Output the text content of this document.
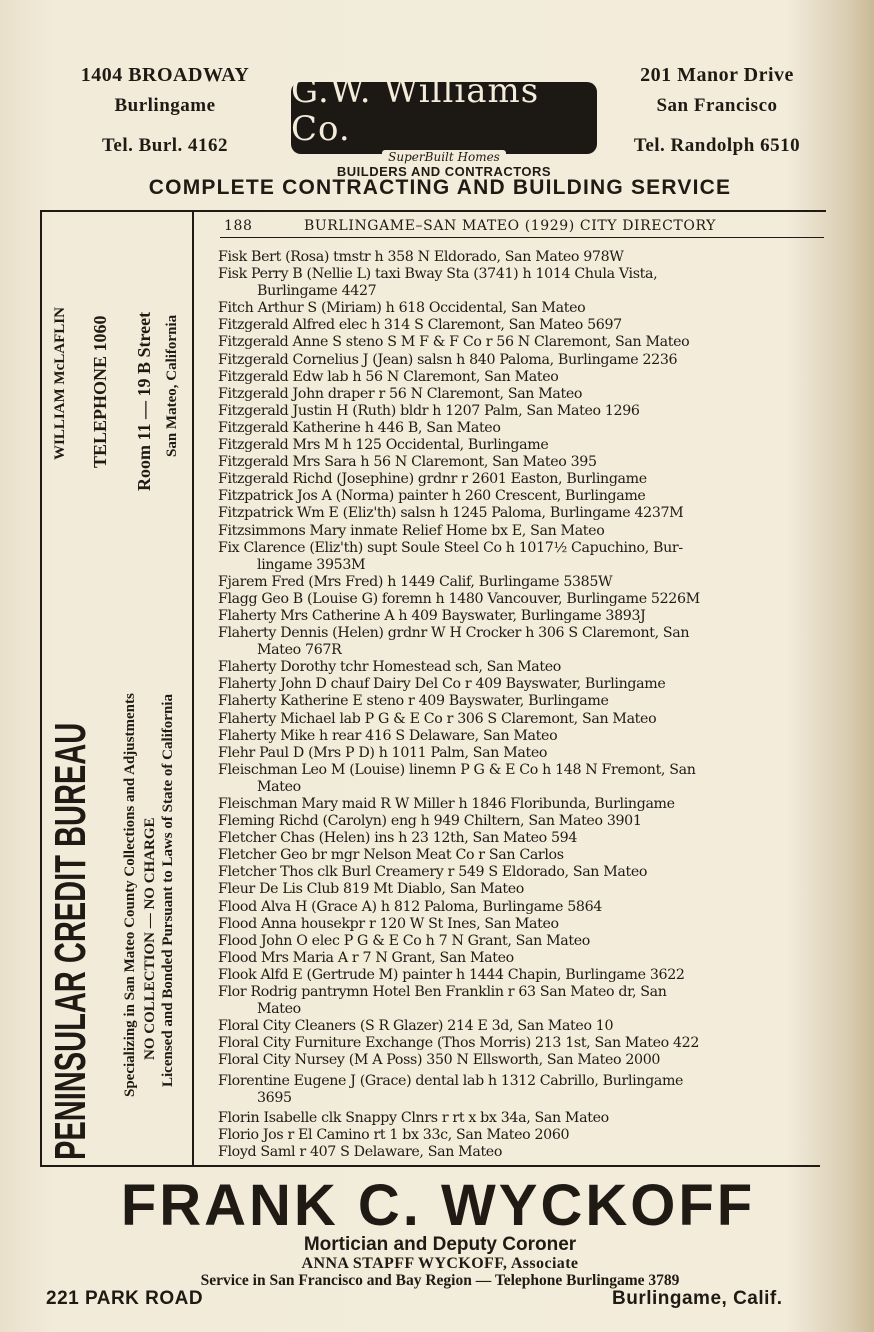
1404 BROADWAY
Burlingame
Tel. Burl. 4162
G.W. Williams Co.
SuperBuilt Homes
201 Manor Drive
San Francisco
Tel. Randolph 6510
BUILDERS AND CONTRACTORS
COMPLETE CONTRACTING AND BUILDING SERVICE
PENINSULAR CREDIT BUREAU Specializing in San Mateo County Collections and Adjustments NO COLLECTION — NO CHARGE Licensed and Bonded Pursuant to Laws of State of California
WILLIAM McLAFLIN TELEPHONE 1060 Room 11 — 19 B Street San Mateo, California
188	BURLINGAME–SAN MATEO (1929) CITY DIRECTORY
Fisk Bert (Rosa) tmstr h 358 N Eldorado, San Mateo 978W
Fisk Perry B (Nellie L) taxi Bway Sta (3741) h 1014 Chula Vista,
Burlingame 4427
Fitch Arthur S (Miriam) h 618 Occidental, San Mateo
Fitzgerald Alfred elec h 314 S Claremont, San Mateo 5697
Fitzgerald Anne S steno S M F & F Co r 56 N Claremont, San Mateo
Fitzgerald Cornelius J (Jean) salsn h 840 Paloma, Burlingame 2236
Fitzgerald Edw lab h 56 N Claremont, San Mateo
Fitzgerald John draper r 56 N Claremont, San Mateo
Fitzgerald Justin H (Ruth) bldr h 1207 Palm, San Mateo 1296
Fitzgerald Katherine h 446 B, San Mateo
Fitzgerald Mrs M h 125 Occidental, Burlingame
Fitzgerald Mrs Sara h 56 N Claremont, San Mateo 395
Fitzgerald Richd (Josephine) grdnr r 2601 Easton, Burlingame
Fitzpatrick Jos A (Norma) painter h 260 Crescent, Burlingame
Fitzpatrick Wm E (Eliz'th) salsn h 1245 Paloma, Burlingame 4237M
Fitzsimmons Mary inmate Relief Home bx E, San Mateo
Fix Clarence (Eliz'th) supt Soule Steel Co h 1017½ Capuchino, Bur-
lingame 3953M
Fjarem Fred (Mrs Fred) h 1449 Calif, Burlingame 5385W
Flagg Geo B (Louise G) foremn h 1480 Vancouver, Burlingame 5226M
Flaherty Mrs Catherine A h 409 Bayswater, Burlingame 3893J
Flaherty Dennis (Helen) grdnr W H Crocker h 306 S Claremont, San
Mateo 767R
Flaherty Dorothy tchr Homestead sch, San Mateo
Flaherty John D chauf Dairy Del Co r 409 Bayswater, Burlingame
Flaherty Katherine E steno r 409 Bayswater, Burlingame
Flaherty Michael lab P G & E Co r 306 S Claremont, San Mateo
Flaherty Mike h rear 416 S Delaware, San Mateo
Flehr Paul D (Mrs P D) h 1011 Palm, San Mateo
Fleischman Leo M (Louise) linemn P G & E Co h 148 N Fremont, San
Mateo
Fleischman Mary maid R W Miller h 1846 Floribunda, Burlingame
Fleming Richd (Carolyn) eng h 949 Chiltern, San Mateo 3901
Fletcher Chas (Helen) ins h 23 12th, San Mateo 594
Fletcher Geo br mgr Nelson Meat Co r San Carlos
Fletcher Thos clk Burl Creamery r 549 S Eldorado, San Mateo
Fleur De Lis Club 819 Mt Diablo, San Mateo
Flood Alva H (Grace A) h 812 Paloma, Burlingame 5864
Flood Anna housekpr r 120 W St Ines, San Mateo
Flood John O elec P G & E Co h 7 N Grant, San Mateo
Flood Mrs Maria A r 7 N Grant, San Mateo
Flook Alfd E (Gertrude M) painter h 1444 Chapin, Burlingame 3622
Flor Rodrig pantrymn Hotel Ben Franklin r 63 San Mateo dr, San
Mateo
Floral City Cleaners (S R Glazer) 214 E 3d, San Mateo 10
Floral City Furniture Exchange (Thos Morris) 213 1st, San Mateo 422
Floral City Nursey (M A Poss) 350 N Ellsworth, San Mateo 2000
Florentine Eugene J (Grace) dental lab h 1312 Cabrillo, Burlingame
3695
Florin Isabelle clk Snappy Clnrs r rt x bx 34a, San Mateo
Florio Jos r El Camino rt 1 bx 33c, San Mateo 2060
Floyd Saml r 407 S Delaware, San Mateo
FRANK C. WYCKOFF
Mortician and Deputy Coroner
ANNA STAPFF WYCKOFF, Associate
Service in San Francisco and Bay Region — Telephone Burlingame 3789
221 PARK ROAD	Burlingame, Calif.
